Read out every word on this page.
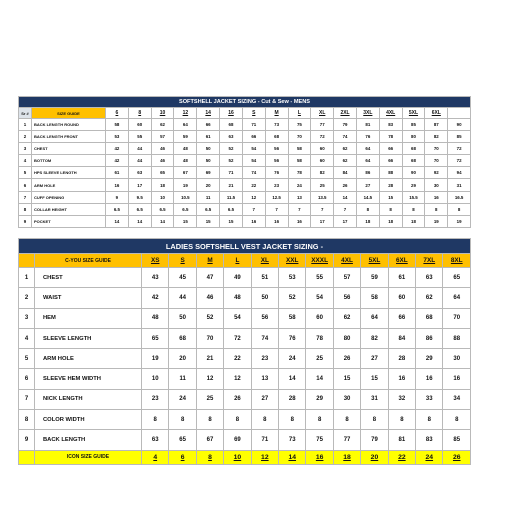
SOFTSHELL JACKET SIZING - Cut & Sew - MENS																	
Sr #	SIZE GUIDE	6	8	10	12	14	16	S	M	L	XL	2XL	3XL	4XL	5XL	6XL	
1	BACK LENGTH ROUND	58	60	62	64	66	68	71	73	75	77	79	81	83	85	87	90
2	BACK LENGTH FRONT	53	55	57	59	61	63	66	68	70	72	74	76	78	80	82	85
3	CHEST	42	44	46	48	50	52	54	56	58	60	62	64	66	68	70	72
4	BOTTOM	42	44	46	48	50	52	54	56	58	60	62	64	66	68	70	72
5	HPS SLEEVE LENGTH	61	63	65	67	69	71	74	76	78	82	84	86	88	90	92	94
6	ARM HOLE	16	17	18	19	20	21	22	23	24	25	26	27	28	29	30	31
7	CUFF OPENING	9	9.5	10	10.5	11	11.5	12	12.5	13	13.5	14	14.5	15	15.5	16	16.5
8	COLLAR HEIGHT	6.5	6.5	6.5	6.5	6.5	6.5	7	7	7	7	7	8	8	8	8	8
9	POCKET	14	14	14	15	15	15	16	16	16	17	17	18	18	18	19	19
LADIES SOFTSHELL VEST JACKET SIZING -													
	C-YOU SIZE GUIDE	XS	S	M	L	XL	XXL	XXXL	4XL	5XL	6XL	7XL	8XL
1	CHEST	43	45	47	49	51	53	55	57	59	61	63	65
2	WAIST	42	44	46	48	50	52	54	56	58	60	62	64
3	HEM	48	50	52	54	56	58	60	62	64	66	68	70
4	SLEEVE LENGTH	65	68	70	72	74	76	78	80	82	84	86	88
5	ARM HOLE	19	20	21	22	23	24	25	26	27	28	29	30
6	SLEEVE HEM WIDTH	10	11	12	12	13	14	14	15	15	16	16	16
7	NICK LENGTH	23	24	25	26	27	28	29	30	31	32	33	34
8	COLOR WIDTH	8	8	8	8	8	8	8	8	8	8	8	8
9	BACK LENGTH	63	65	67	69	71	73	75	77	79	81	83	85
	ICON SIZE GUIDE	4	6	8	10	12	14	16	18	20	22	24	26
